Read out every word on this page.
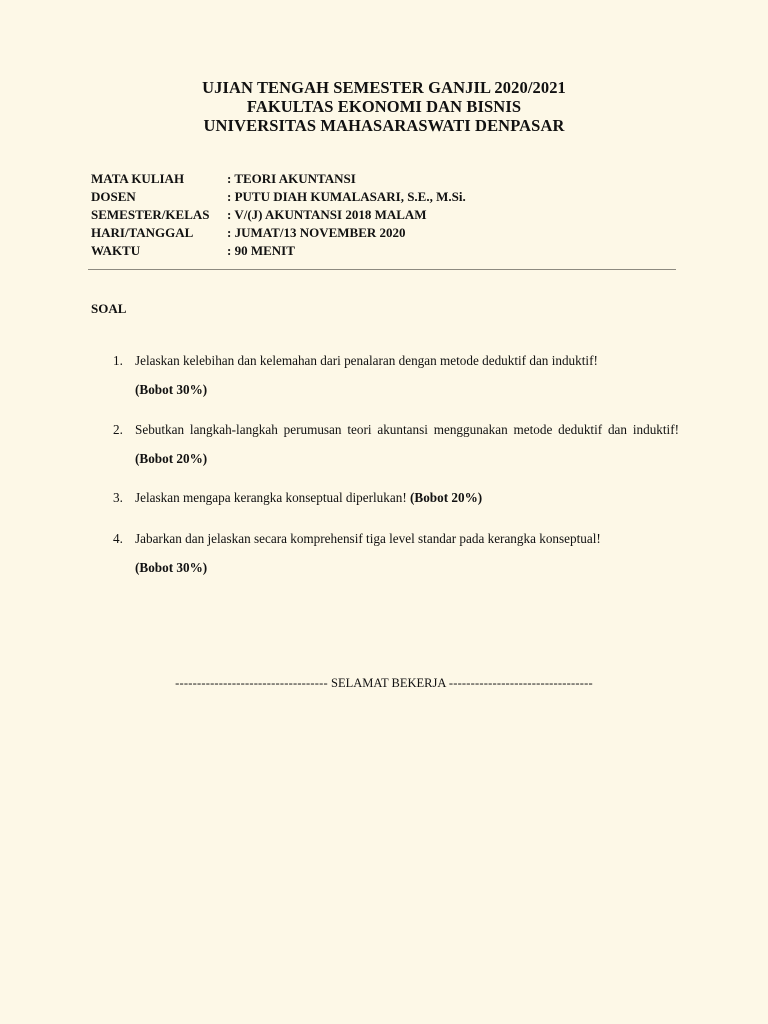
UJIAN TENGAH SEMESTER GANJIL 2020/2021
FAKULTAS EKONOMI DAN BISNIS
UNIVERSITAS MAHASARASWATI DENPASAR
MATA KULIAH	: TEORI AKUNTANSI
DOSEN	: PUTU DIAH KUMALASARI, S.E., M.Si.
SEMESTER/KELAS : V/(J) AKUNTANSI 2018 MALAM
HARI/TANGGAL	: JUMAT/13 NOVEMBER 2020
WAKTU	: 90 MENIT
SOAL
1. Jelaskan kelebihan dan kelemahan dari penalaran dengan metode deduktif dan induktif!
(Bobot 30%)
2. Sebutkan langkah-langkah perumusan teori akuntansi menggunakan metode deduktif dan induktif! (Bobot 20%)
3. Jelaskan mengapa kerangka konseptual diperlukan! (Bobot 20%)
4. Jabarkan dan jelaskan secara komprehensif tiga level standar pada kerangka konseptual!
(Bobot 30%)
----------------------------------- SELAMAT BEKERJA ---------------------------------
